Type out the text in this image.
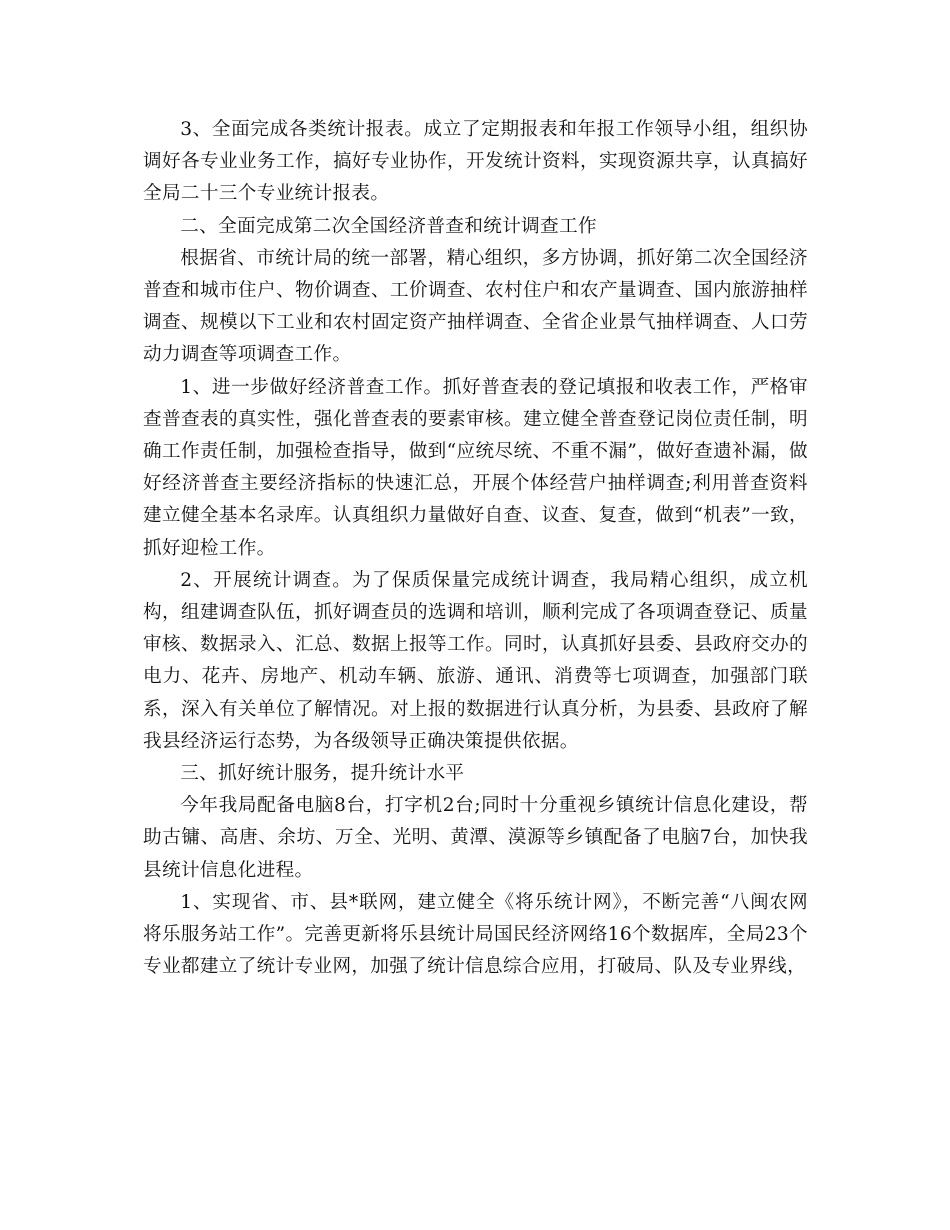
3、全面完成各类统计报表。成立了定期报表和年报工作领导小组，组织协调好各专业业务工作，搞好专业协作，开发统计资料，实现资源共享，认真搞好全局二十三个专业统计报表。

二、全面完成第二次全国经济普查和统计调查工作

根据省、市统计局的统一部署，精心组织，多方协调，抓好第二次全国经济普查和城市住户、物价调查、工价调查、农村住户和农产量调查、国内旅游抽样调查、规模以下工业和农村固定资产抽样调查、全省企业景气抽样调查、人口劳动力调查等项调查工作。

1、进一步做好经济普查工作。抓好普查表的登记填报和收表工作，严格审查普查表的真实性，强化普查表的要素审核。建立健全普查登记岗位责任制，明确工作责任制，加强检查指导，做到“应统尽统、不重不漏”，做好查遗补漏，做好经济普查主要经济指标的快速汇总，开展个体经营户抽样调查;利用普查资料建立健全基本名录库。认真组织力量做好自查、议查、复查，做到“机表”一致，抓好迎检工作。

2、开展统计调查。为了保质保量完成统计调查，我局精心组织，成立机构，组建调查队伍，抓好调查员的选调和培训，顺利完成了各项调查登记、质量审核、数据录入、汇总、数据上报等工作。同时，认真抓好县委、县政府交办的电力、花卉、房地产、机动车辆、旅游、通讯、消费等七项调查，加强部门联系，深入有关单位了解情况。对上报的数据进行认真分析，为县委、县政府了解我县经济运行态势，为各级领导正确决策提供依据。

三、抓好统计服务，提升统计水平

今年我局配备电脑8台，打字机2台;同时十分重视乡镇统计信息化建设，帮助古镛、高唐、余坊、万全、光明、黄潭、漠源等乡镇配备了电脑7台，加快我县统计信息化进程。

1、实现省、市、县*联网，建立健全《将乐统计网》，不断完善“八闽农网将乐服务站工作”。完善更新将乐县统计局国民经济网络16个数据库，全局23个专业都建立了统计专业网，加强了统计信息综合应用，打破局、队及专业界线，
